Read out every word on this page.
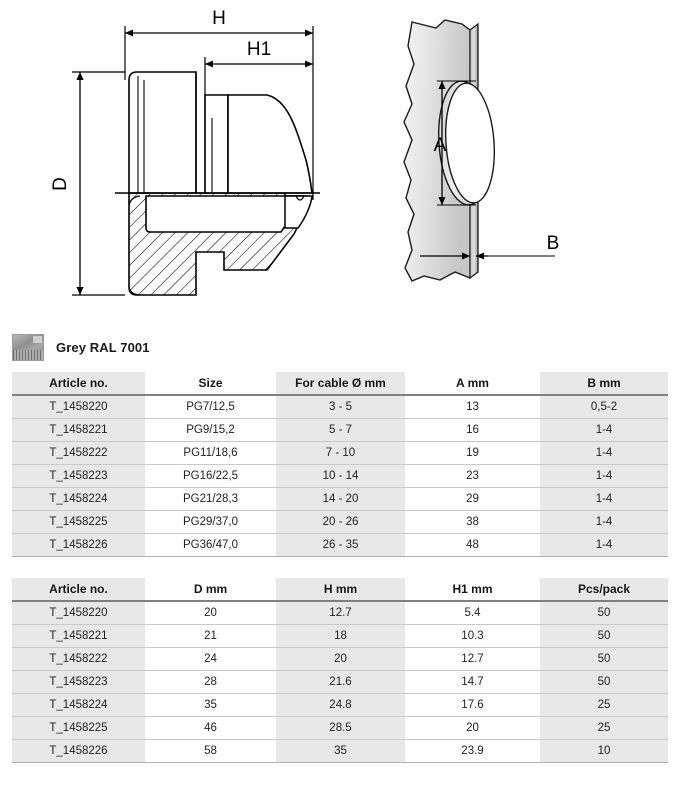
H
H1
D
A
B
Grey RAL 7001
Article no.	Size	For cable Ø mm	A mm	B mm
T_1458220	PG7/12,5	3 - 5	13	0,5-2
T_1458221	PG9/15,2	5 - 7	16	1-4
T_1458222	PG11/18,6	7 - 10	19	1-4
T_1458223	PG16/22,5	10 - 14	23	1-4
T_1458224	PG21/28,3	14 - 20	29	1-4
T_1458225	PG29/37,0	20 - 26	38	1-4
T_1458226	PG36/47,0	26 - 35	48	1-4
Article no.	D mm	H mm	H1 mm	Pcs/pack
T_1458220	20	12.7	5.4	50
T_1458221	21	18	10.3	50
T_1458222	24	20	12.7	50
T_1458223	28	21.6	14.7	50
T_1458224	35	24.8	17.6	25
T_1458225	46	28.5	20	25
T_1458226	58	35	23.9	10
